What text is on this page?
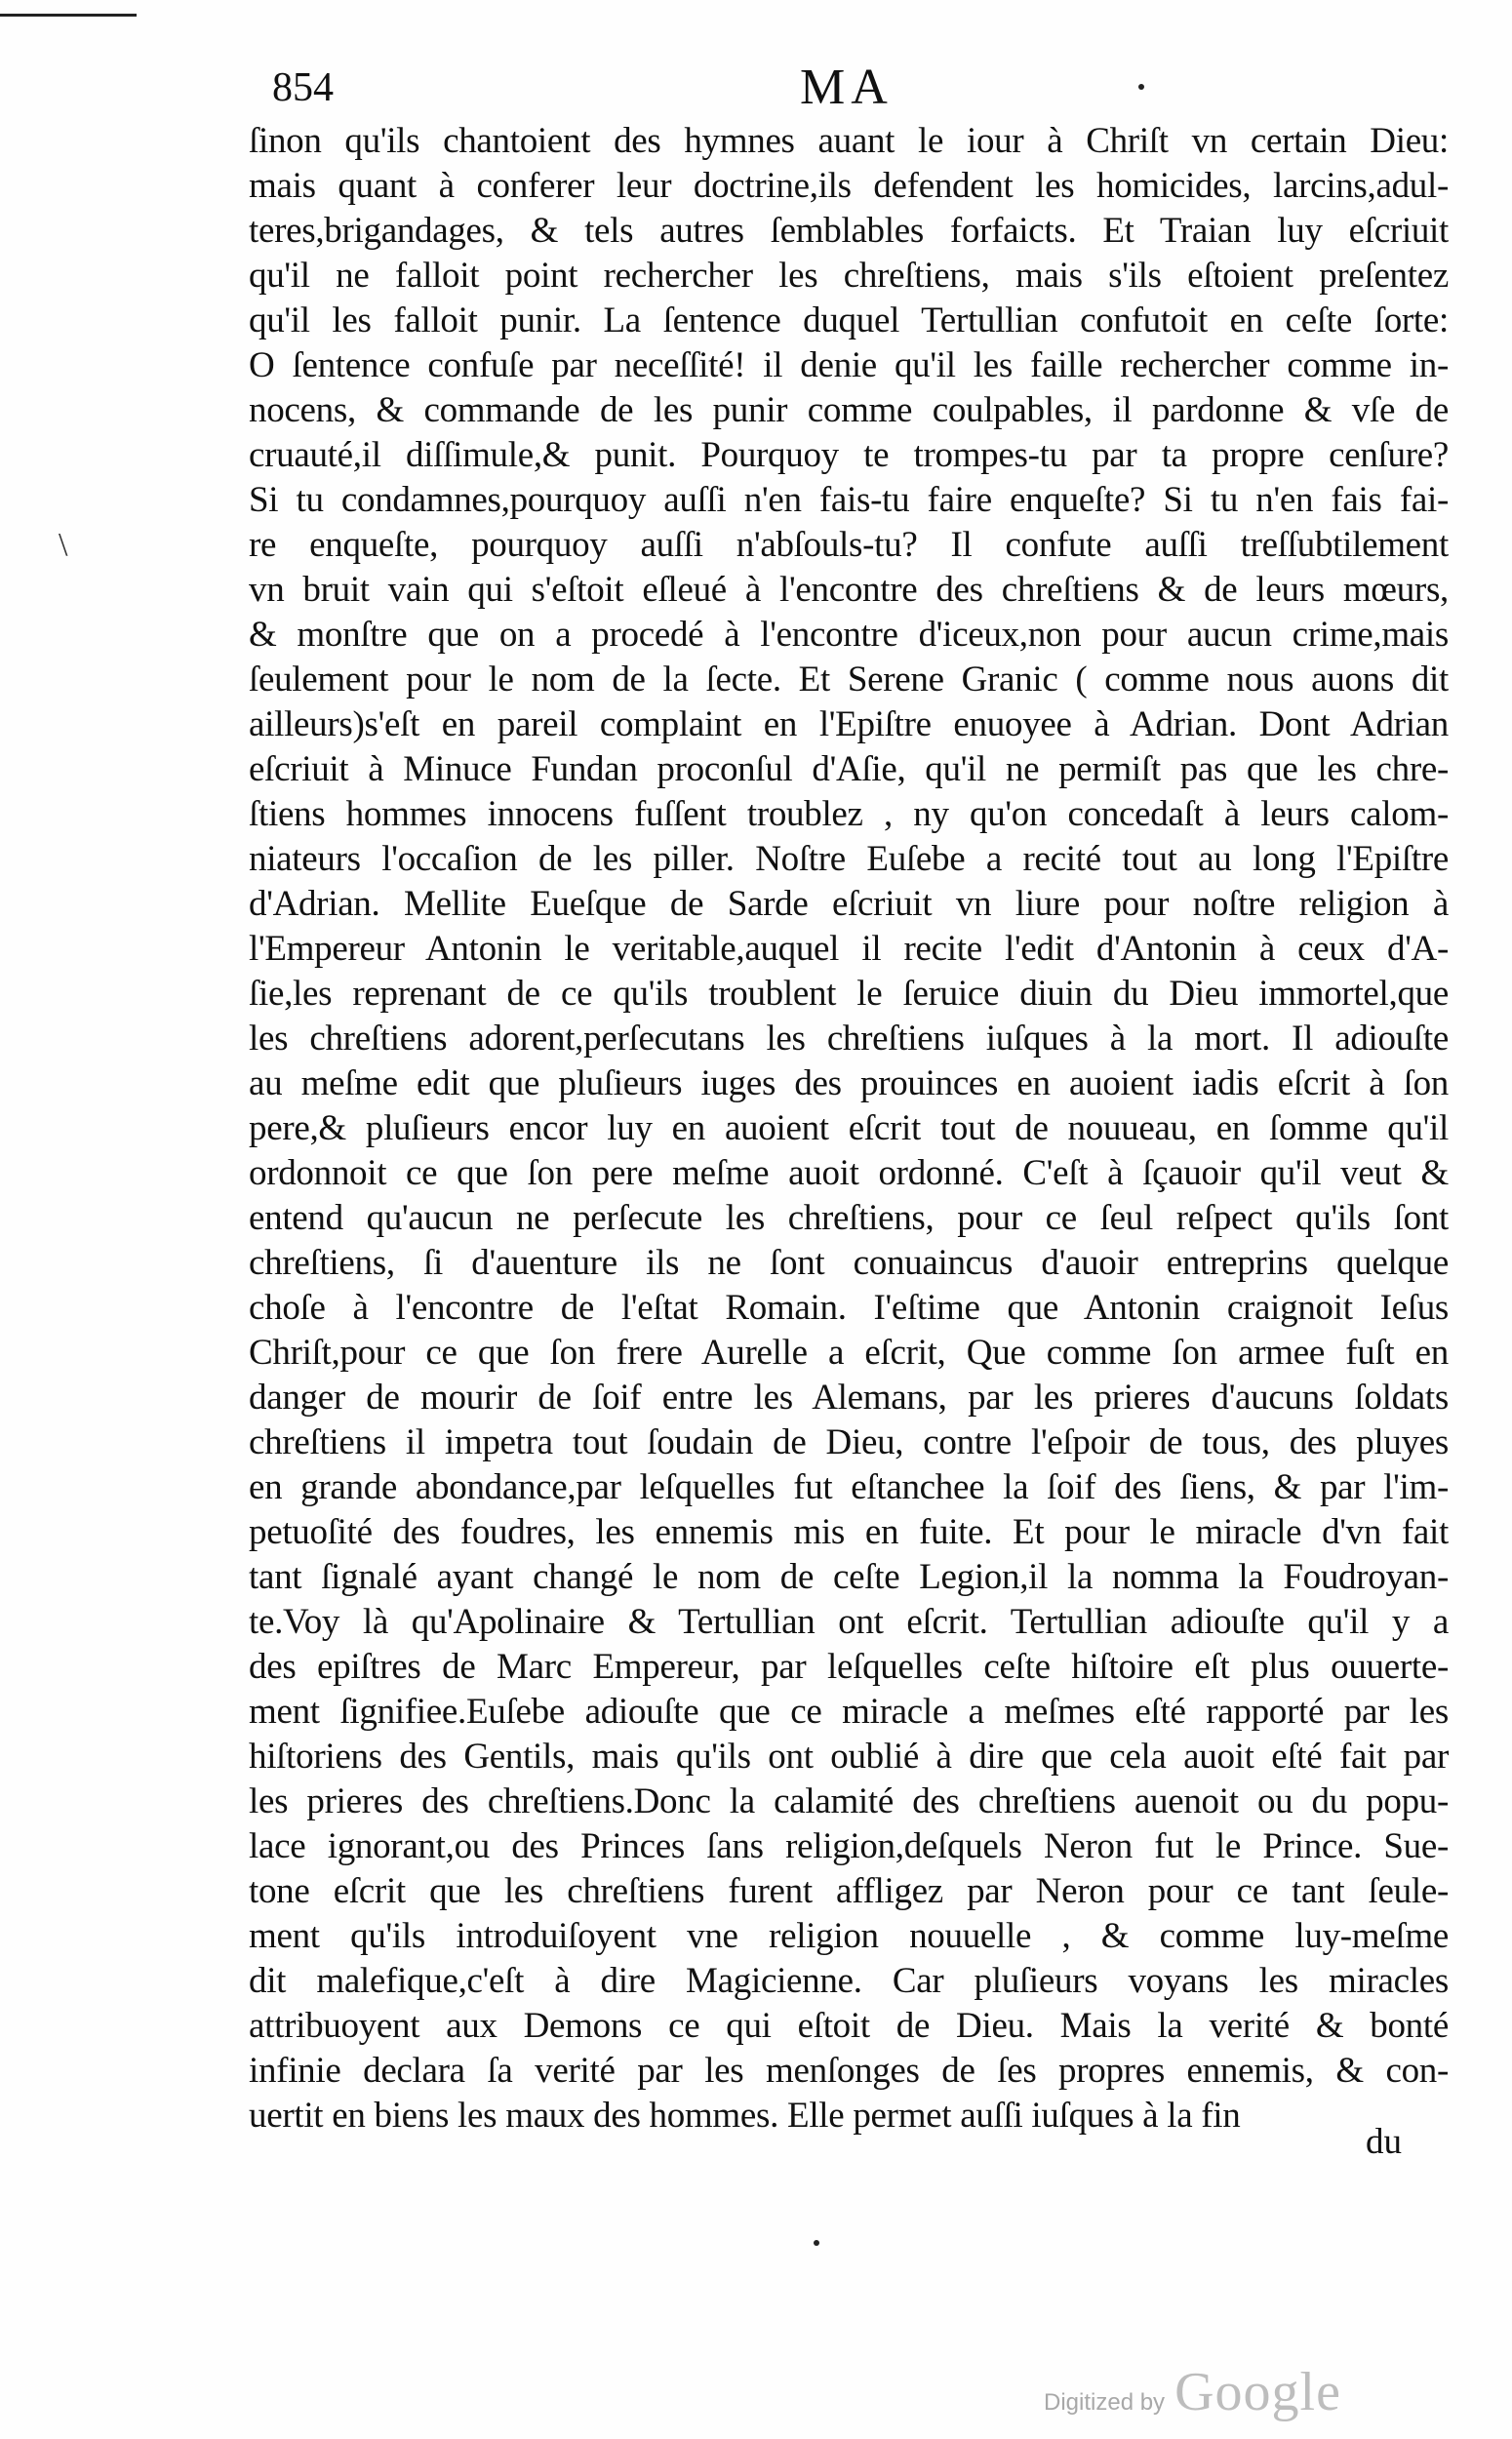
854	MA
\
ſinon qu'ils chantoient des hymnes auant le iour à Chriſt vn certain Dieu:
mais quant à conferer leur doctrine,ils defendent les homicides, larcins,adul-
teres,brigandages, & tels autres ſemblables forfaicts. Et Traian luy eſcriuit
qu'il ne falloit point rechercher les chreſtiens, mais s'ils eſtoient preſentez
qu'il les falloit punir. La ſentence duquel Tertullian confutoit en ceſte ſorte:
O ſentence confuſe par neceſſité! il denie qu'il les faille rechercher comme in-
nocens, & commande de les punir comme coulpables, il pardonne & vſe de
cruauté,il diſſimule,& punit. Pourquoy te trompes-tu par ta propre cenſure?
Si tu condamnes,pourquoy auſſi n'en fais-tu faire enqueſte? Si tu n'en fais fai-
re enqueſte, pourquoy auſſi n'abſouls-tu? Il confute auſſi treſſubtilement
vn bruit vain qui s'eſtoit eſleué à l'encontre des chreſtiens & de leurs mœurs,
& monſtre que on a procedé à l'encontre d'iceux,non pour aucun crime,mais
ſeulement pour le nom de la ſecte. Et Serene Granic ( comme nous auons dit
ailleurs)s'eſt en pareil complaint en l'Epiſtre enuoyee à Adrian. Dont Adrian
eſcriuit à Minuce Fundan proconſul d'Aſie, qu'il ne permiſt pas que les chre-
ſtiens hommes innocens fuſſent troublez , ny qu'on concedaſt à leurs calom-
niateurs l'occaſion de les piller. Noſtre Euſebe a recité tout au long l'Epiſtre
d'Adrian. Mellite Eueſque de Sarde eſcriuit vn liure pour noſtre religion à
l'Empereur Antonin le veritable,auquel il recite l'edit d'Antonin à ceux d'A-
ſie,les reprenant de ce qu'ils troublent le ſeruice diuin du Dieu immortel,que
les chreſtiens adorent,perſecutans les chreſtiens iuſques à la mort. Il adiouſte
au meſme edit que pluſieurs iuges des prouinces en auoient iadis eſcrit à ſon
pere,& pluſieurs encor luy en auoient eſcrit tout de nouueau, en ſomme qu'il
ordonnoit ce que ſon pere meſme auoit ordonné. C'eſt à ſçauoir qu'il veut &
entend qu'aucun ne perſecute les chreſtiens, pour ce ſeul reſpect qu'ils ſont
chreſtiens, ſi d'auenture ils ne ſont conuaincus d'auoir entreprins quelque
choſe à l'encontre de l'eſtat Romain. I'eſtime que Antonin craignoit Ieſus
Chriſt,pour ce que ſon frere Aurelle a eſcrit, Que comme ſon armee fuſt en
danger de mourir de ſoif entre les Alemans, par les prieres d'aucuns ſoldats
chreſtiens il impetra tout ſoudain de Dieu, contre l'eſpoir de tous, des pluyes
en grande abondance,par leſquelles fut eſtanchee la ſoif des ſiens, & par l'im-
petuoſité des foudres, les ennemis mis en fuite. Et pour le miracle d'vn fait
tant ſignalé ayant changé le nom de ceſte Legion,il la nomma la Foudroyan-
te.Voy là qu'Apolinaire & Tertullian ont eſcrit. Tertullian adiouſte qu'il y a
des epiſtres de Marc Empereur, par leſquelles ceſte hiſtoire eſt plus ouuerte-
ment ſignifiee.Euſebe adiouſte que ce miracle a meſmes eſté rapporté par les
hiſtoriens des Gentils, mais qu'ils ont oublié à dire que cela auoit eſté fait par
les prieres des chreſtiens.Donc la calamité des chreſtiens auenoit ou du popu-
lace ignorant,ou des Princes ſans religion,deſquels Neron fut le Prince. Sue-
tone eſcrit que les chreſtiens furent affligez par Neron pour ce tant ſeule-
ment qu'ils introduiſoyent vne religion nouuelle , & comme luy-meſme
dit malefique,c'eſt à dire Magicienne. Car pluſieurs voyans les miracles
attribuoyent aux Demons ce qui eſtoit de Dieu. Mais la verité & bonté
infinie declara ſa verité par les menſonges de ſes propres ennemis, & con-
uertit en biens les maux des hommes. Elle permet auſſi iuſques à la fin
du
Digitized by Google
